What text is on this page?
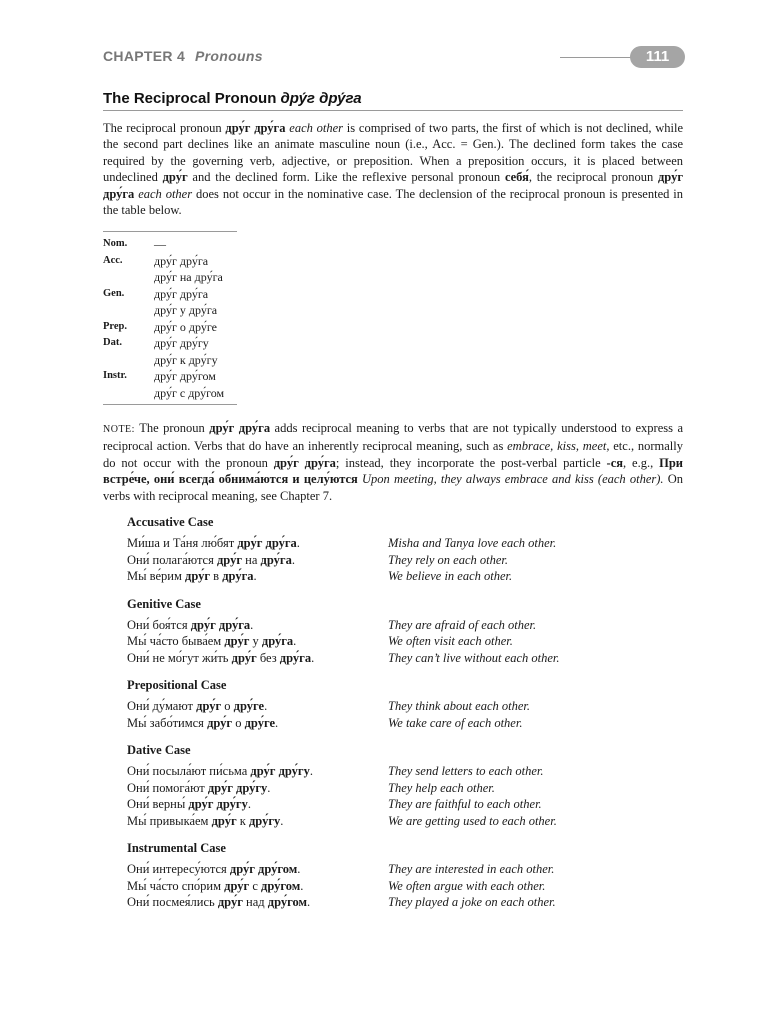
CHAPTER 4 Pronouns	111
The Reciprocal Pronoun дру́г дру́га

The reciprocal pronoun дру́г дру́га each other is comprised of two parts, the first of which is not declined, while the second part declines like an animate masculine noun (i.e., Acc. = Gen.). The declined form takes the case required by the governing verb, adjective, or preposition. When a preposition occurs, it is placed between undeclined дру́г and the declined form. Like the reflexive personal pronoun себя́, the reciprocal pronoun дру́г дру́га each other does not occur in the nominative case. The declension of the reciprocal pronoun is presented in the table below.

Nom.	—
Acc.	дру́г дру́га
дру́г на дру́га
Gen.	дру́г дру́га
дру́г у дру́га
Prep.	дру́г о дру́ге
Dat.	дру́г дру́гу
дру́г к дру́гу
Instr.	дру́г дру́гом
дру́г с дру́гом

NOTE: The pronoun дру́г дру́га adds reciprocal meaning to verbs that are not typically understood to express a reciprocal action. Verbs that do have an inherently reciprocal meaning, such as embrace, kiss, meet, etc., normally do not occur with the pronoun дру́г дру́га; instead, they incorporate the post-verbal particle -ся, e.g., При встре́че, они́ всегда́ обнима́ются и целу́ются Upon meeting, they always embrace and kiss (each other). On verbs with reciprocal meaning, see Chapter 7.

Accusative Case
Ми́ша и Та́ня лю́бят дру́г дру́га.	Misha and Tanya love each other.
Они́ полага́ются дру́г на дру́га.	They rely on each other.
Мы́ ве́рим дру́г в дру́га.	We believe in each other.
Genitive Case
Они́ боя́тся дру́г дру́га.	They are afraid of each other.
Мы́ ча́сто быва́ем дру́г у дру́га.	We often visit each other.
Они́ не мо́гут жи́ть дру́г без дру́га.	They can’t live without each other.
Prepositional Case
Они́ ду́мают дру́г о дру́ге.	They think about each other.
Мы́ забо́тимся дру́г о дру́ге.	We take care of each other.
Dative Case
Они́ посыла́ют пи́сьма дру́г дру́гу.	They send letters to each other.
Они́ помога́ют дру́г дру́гу.	They help each other.
Они́ верны́ дру́г дру́гу.	They are faithful to each other.
Мы́ привыка́ем дру́г к дру́гу.	We are getting used to each other.
Instrumental Case
Они́ интересу́ются дру́г дру́гом.	They are interested in each other.
Мы́ ча́сто спо́рим дру́г с дру́гом.	We often argue with each other.
Они́ посмея́лись дру́г над дру́гом.	They played a joke on each other.
